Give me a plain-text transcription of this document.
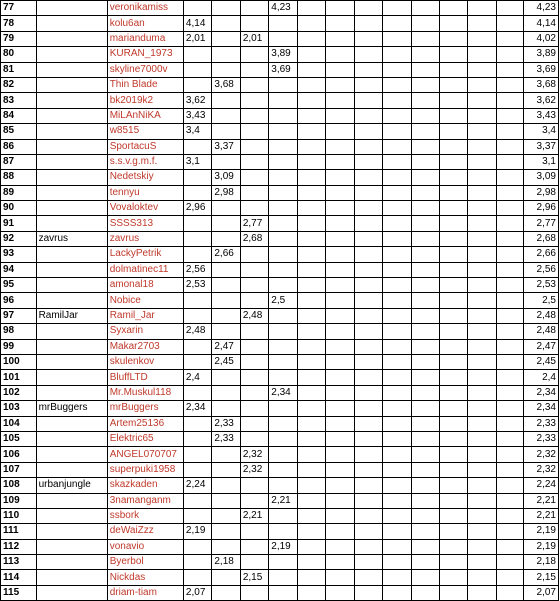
77		veronikamiss				4,23									4,23
78		kolu6an	4,14												4,14
79		marianduma	2,01		2,01										4,02
80		KURAN_1973				3,89									3,89
81		skyline7000v				3,69									3,69
82		Thin Blade		3,68											3,68
83		bk2019k2	3,62												3,62
84		MiLAnNiKA	3,43												3,43
85		w8515	3,4												3,4
86		SportacuS		3,37											3,37
87		s.s.v.g.m.f.	3,1												3,1
88		Nedetskiy		3,09											3,09
89		tennyu		2,98											2,98
90		Vovaloktev	2,96												2,96
91		SSSS313			2,77										2,77
92	zavrus	zavrus			2,68										2,68
93		LackyPetrik		2,66											2,66
94		dolmatinec11	2,56												2,56
95		amonal18	2,53												2,53
96		Nobice				2,5									2,5
97	RamilJar	Ramil_Jar			2,48										2,48
98		Syxarin	2,48												2,48
99		Makar2703		2,47											2,47
100		skulenkov		2,45											2,45
101		BluffLTD	2,4												2,4
102		Mr.Muskul118				2,34									2,34
103	mrBuggers	mrBuggers	2,34												2,34
104		Artem25136		2,33											2,33
105		Elektric65		2,33											2,33
106		ANGEL070707			2,32										2,32
107		superpuki1958			2,32										2,32
108	urbanjungle	skazkaden	2,24												2,24
109		3namanganm				2,21									2,21
110		ssbork			2,21										2,21
111		deWaiZzz	2,19												2,19
112		vonavio				2,19									2,19
113		Byerbol		2,18											2,18
114		Nickdas			2,15										2,15
115		driam-tiam	2,07												2,07
